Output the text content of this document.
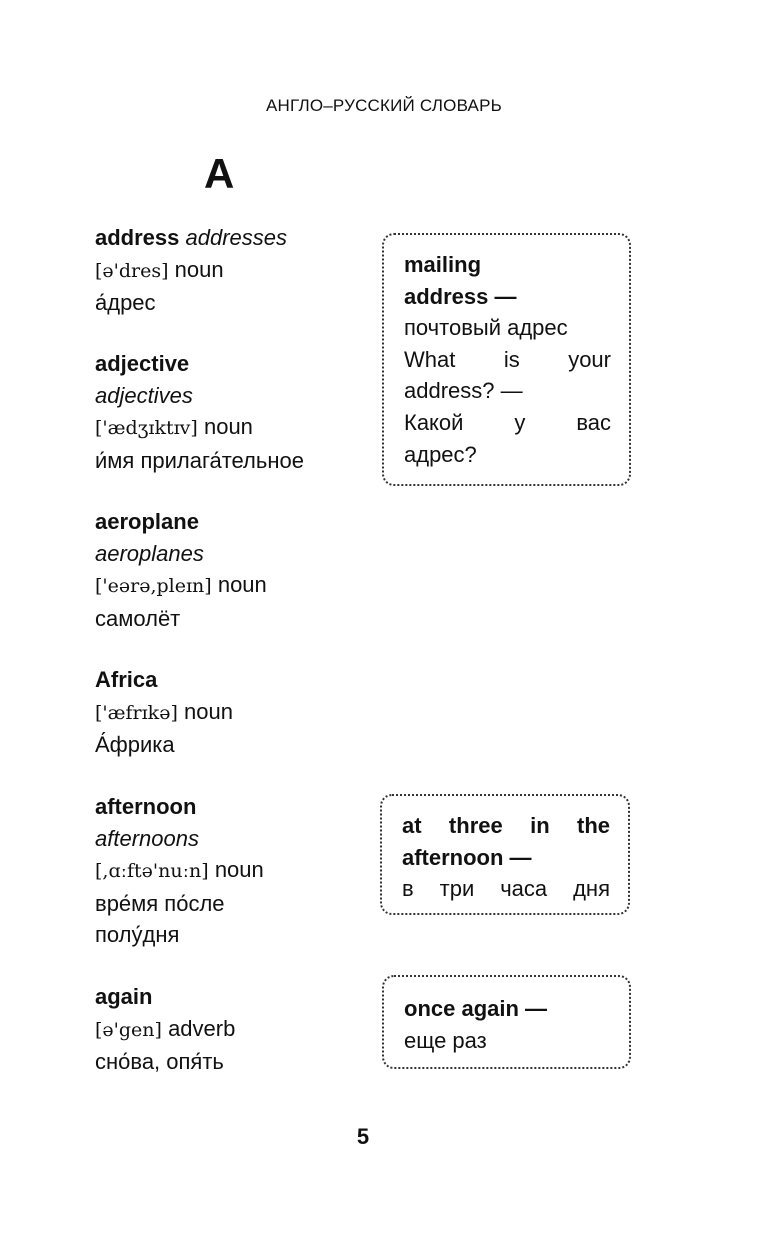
АНГЛО–РУССКИЙ СЛОВАРЬ
A
address addresses
[ə'dres] noun
а́дрес
adjective
adjectives
['ædʒɪktɪv] noun
и́мя прилага́тельное
aeroplane
aeroplanes
['eərə,pleɪn] noun
самолёт
Africa
['æfrɪkə] noun
А́фрика
afternoon
afternoons
[,ɑːftə'nuːn] noun
вре́мя по́сле
полу́дня
again
[ə'gen] adverb
сно́ва, опя́ть
mailing
address —
почтовый адрес
What is your
address? —
Какой у вас
адрес?
at three in the
afternoon —
в три часа дня
once again —
еще раз
5
